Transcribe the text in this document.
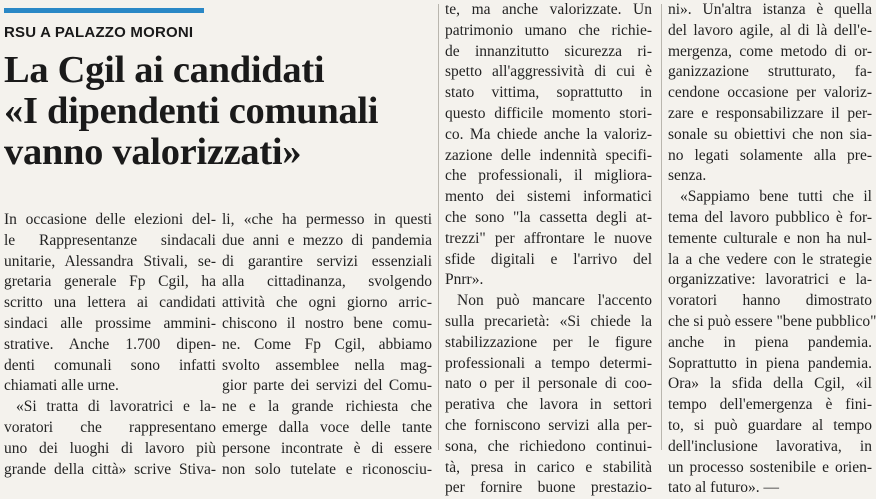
RSU A PALAZZO MORONI
La Cgil ai candidati
«I dipendenti comunali
vanno valorizzati»
In occasione delle elezioni del-
le Rappresentanze sindacali
unitarie, Alessandra Stivali, se-
gretaria generale Fp Cgil, ha
scritto una lettera ai candidati
sindaci alle prossime ammini-
strative. Anche 1.700 dipen-
denti comunali sono infatti
chiamati alle urne.
«Si tratta di lavoratrici e la-
voratori che rappresentano
uno dei luoghi di lavoro più
grande della città» scrive Stiva-
li, «che ha permesso in questi
due anni e mezzo di pandemia
di garantire servizi essenziali
alla cittadinanza, svolgendo
attività che ogni giorno arric-
chiscono il nostro bene comu-
ne. Come Fp Cgil, abbiamo
svolto assemblee nella mag-
gior parte dei servizi del Comu-
ne e la grande richiesta che
emerge dalla voce delle tante
persone incontrate è di essere
non solo tutelate e riconosciu-
te, ma anche valorizzate. Un
patrimonio umano che richie-
de innanzitutto sicurezza ri-
spetto all'aggressività di cui è
stato vittima, soprattutto in
questo difficile momento stori-
co. Ma chiede anche la valoriz-
zazione delle indennità specifi-
che professionali, il migliora-
mento dei sistemi informatici
che sono "la cassetta degli at-
trezzi" per affrontare le nuove
sfide digitali e l'arrivo del
Pnrr».
Non può mancare l'accento
sulla precarietà: «Si chiede la
stabilizzazione per le figure
professionali a tempo determi-
nato o per il personale di coo-
perativa che lavora in settori
che forniscono servizi alla per-
sona, che richiedono continui-
tà, presa in carico e stabilità
per fornire buone prestazio-
ni». Un'altra istanza è quella
del lavoro agile, al di là dell'e-
mergenza, come metodo di or-
ganizzazione strutturato, fa-
cendone occasione per valoriz-
zare e responsabilizzare il per-
sonale su obiettivi che non sia-
no legati solamente alla pre-
senza.
«Sappiamo bene tutti che il
tema del lavoro pubblico è for-
temente culturale e non ha nul-
la a che vedere con le strategie
organizzative: lavoratrici e la-
voratori hanno dimostrato
che si può essere "bene pubblico"
anche in piena pandemia.
Soprattutto in piena pandemia.
Ora» la sfida della Cgil, «il
tempo dell'emergenza è fini-
to, si può guardare al tempo
dell'inclusione lavorativa, in
un processo sostenibile e orien-
tato al futuro». —
